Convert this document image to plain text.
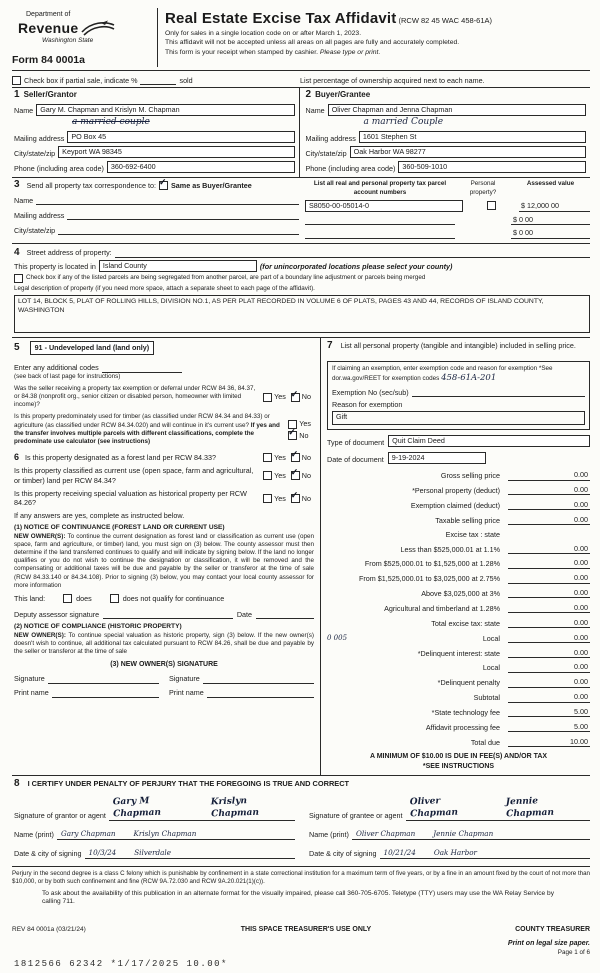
Department of
Revenue
Washington State
Form 84 0001a
Real Estate Excise Tax Affidavit (RCW 82 45 WAC 458-61A)
Only for sales in a single location code on or after March 1, 2023.
This affidavit will not be accepted unless all areas on all pages are fully and accurately completed.
This form is your receipt when stamped by cashier. Please type or print.
Check box if partial sale, indicate %	sold	List percentage of ownership acquired next to each name.
1 Seller/Grantor
Name Gary M. Chapman and Krislyn M. Chapman
a married couple
Mailing address PO Box 45
City/state/zip Keyport WA 98345
Phone (including area code) 360-692-6400
2 Buyer/Grantee
Name Oliver Chapman and Jenna Chapman
a married Couple
Mailing address 1601 Stephen St
City/state/zip Oak Harbor WA 98277
Phone (including area code) 360-509-1010
3 Send all property tax correspondence to: ✓ Same as Buyer/Grantee
Name
Mailing address
City/state/zip
List all real and personal property tax parcel account numbers
Personal property?
Assessed value
S8050-00-05014-0	$ 12,000 00
$ 0 00
$ 0 00
4 Street address of property:
This property is located in Island County	(for unincorporated locations please select your county)
Check box if any of the listed parcels are being segregated from another parcel, are part of a boundary line adjustment or parcels being merged
Legal description of property (if you need more space, attach a separate sheet to each page of the affidavit).
LOT 14, BLOCK 5, PLAT OF ROLLING HILLS, DIVISION NO.1, AS PER PLAT RECORDED IN VOLUME 6 OF PLATS, PAGES 43 AND 44, RECORDS OF ISLAND COUNTY, WASHINGTON
5	91 - Undeveloped land (land only)
Enter any additional codes
(see back of last page for instructions)
Was the seller receiving a property tax exemption or deferral under RCW 84 36, 84.37, or 84.38 (nonprofit org., senior citizen or disabled person, homeowner with limited income)?
Yes ✓ No
Is this property predominately used for timber (as classified under RCW 84.34 and 84.33) or agriculture (as classified under RCW 84.34.020) and will continue in it's current use? If yes and the transfer involves multiple parcels with different classifications, complete the predominate use calculator (see instructions)
Yes
✓ No
6 Is this property designated as a forest land per RCW 84.33?	Yes ✓ No
Is this property classified as current use (open space, farm and agricultural, or timber) land per RCW 84.34?
Yes ✓ No
Is this property receiving special valuation as historical property per RCW 84.26?
Yes ✓ No
If any answers are yes, complete as instructed below.
(1) NOTICE OF CONTINUANCE (FOREST LAND OR CURRENT USE)
NEW OWNER(S): To continue the current designation as forest land or classification as current use (open space, farm and agriculture, or timber) land, you must sign on (3) below. The county assessor must then determine if the land transferred continues to qualify and will indicate by signing below. If the land no longer qualifies or you do not wish to continue the designation or classification, it will be removed and the compensating or additional taxes will be due and payable by the seller or transferor at the time of sale (RCW 84.33.140 or 84.34.108). Prior to signing (3) below, you may contact your local county assessor for more information
This land:	does	does not qualify for continuance
Deputy assessor signature	Date
(2) NOTICE OF COMPLIANCE (HISTORIC PROPERTY)
NEW OWNER(S): To continue special valuation as historic property, sign (3) below. If the new owner(s) doesn't wish to continue, all additional tax calculated pursuant to RCW 84.26, shall be due and payable by the seller or transferor at the time of sale
(3) NEW OWNER(S) SIGNATURE
Signature	Signature
Print name	Print name
7 List all personal property (tangible and intangible) included in selling price.
If claiming an exemption, enter exemption code and reason for exemption *See dor.wa.gov/REET for exemption codes 458-61A-201
Exemption No (sec/sub)
Reason for exemption
Gift
Type of document	Quit Claim Deed
Date of document	9-19-2024
Gross selling price	0.00
*Personal property (deduct)	0.00
Exemption claimed (deduct)	0.00
Taxable selling price	0.00
Excise tax : state
Less than $525,000.01 at 1.1%	0.00
From $525,000.01 to $1,525,000 at 1.28%	0.00
From $1,525,000.01 to $3,025,000 at 2.75%	0.00
Above $3,025,000 at 3%	0.00
Agricultural and timberland at 1.28%	0.00
Total excise tax: state	0.00
0 005	Local	0.00
*Delinquent interest: state	0.00
Local	0.00
*Delinquent penalty	0.00
Subtotal	0.00
*State technology fee	5.00
Affidavit processing fee	5.00
Total due	10.00
A MINIMUM OF $10.00 IS DUE IN FEE(S) AND/OR TAX
*SEE INSTRUCTIONS
8 I CERTIFY UNDER PENALTY OF PERJURY THAT THE FOREGOING IS TRUE AND CORRECT
Signature of grantor or agent
Gary M Chapman
Krislyn Chapman	Signature of grantee or agent
Oliver Chapman
Jennie Chapman
Name (print) Gary Chapman	Krislyn Chapman	Name (print) Oliver Chapman	Jennie Chapman
Date & city of signing 10/3/24	Silverdale	Date & city of signing 10/21/24	Oak Harbor
Perjury in the second degree is a class C felony which is punishable by confinement in a state correctional institution for a maximum term of five years, or by a fine in an amount fixed by the court of not more than $10,000, or by both such confinement and fine (RCW 9A.72.030 and RCW 9A.20.021(1)(c)).
To ask about the availability of this publication in an alternate format for the visually impaired, please call 360-705-6705. Teletype (TTY) users may use the WA Relay Service by calling 711.
REV 84 0001a (03/21/24)	THIS SPACE TREASURER'S USE ONLY	COUNTY TREASURER
Print on legal size paper.
Page 1 of 6
1812566 62342 *1/17/2025 10.00*
